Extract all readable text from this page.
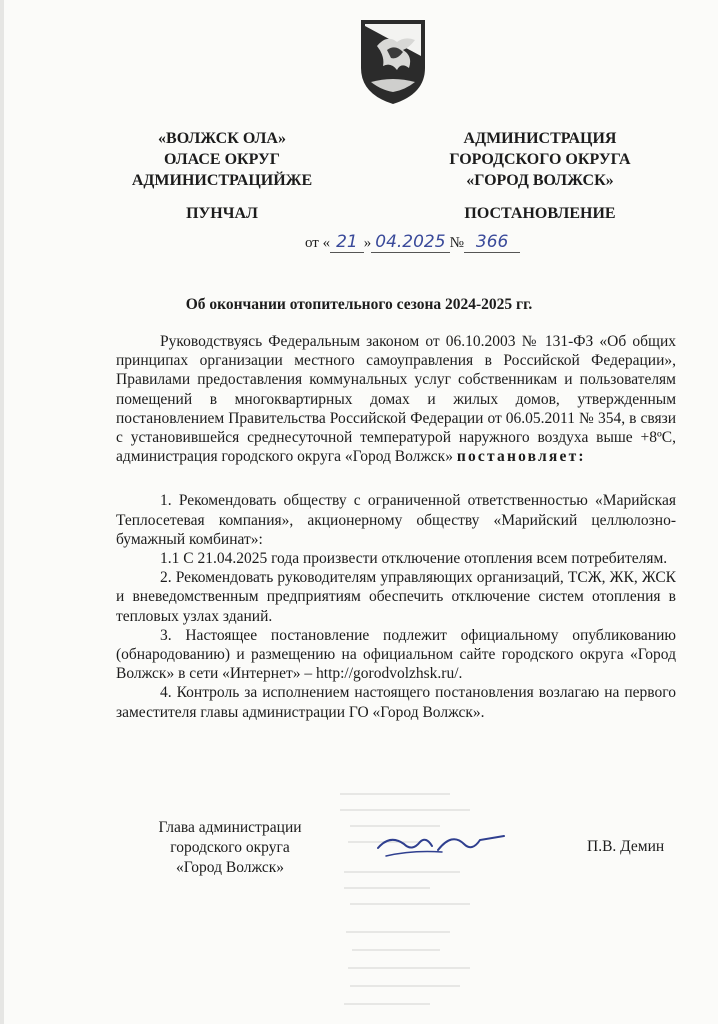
«ВОЛЖСК ОЛА»
ОЛАСЕ ОКРУГ
АДМИНИСТРАЦИЙЖЕ
АДМИНИСТРАЦИЯ
ГОРОДСКОГО ОКРУГА
«ГОРОД ВОЛЖСК»
ПУНЧАЛ	ПОСТАНОВЛЕНИЕ
от « 21 » 04.2025 № 366
Об окончании отопительного сезона 2024-2025 гг.

Руководствуясь Федеральным законом от 06.10.2003 № 131-ФЗ «Об общих принципах организации местного самоуправления в Российской Федерации», Правилами предоставления коммунальных услуг собственникам и пользователям помещений в многоквартирных домах и жилых домов, утвержденным постановлением Правительства Российской Федерации от 06.05.2011 № 354, в связи с установившейся среднесуточной температурой наружного воздуха выше +8ºС, администрация городского округа «Город Волжск» постановляет:

1. Рекомендовать обществу с ограниченной ответственностью «Марийская Теплосетевая компания», акционерному обществу «Марийский целлюлозно-бумажный комбинат»:

1.1 С 21.04.2025 года произвести отключение отопления всем потребителям.

2. Рекомендовать руководителям управляющих организаций, ТСЖ, ЖК, ЖСК и вневедомственным предприятиям обеспечить отключение систем отопления в тепловых узлах зданий.

3. Настоящее постановление подлежит официальному опубликованию (обнародованию) и размещению на официальном сайте городского округа «Город Волжск» в сети «Интернет» – http://gorodvolzhsk.ru/.

4. Контроль за исполнением настоящего постановления возлагаю на первого заместителя главы администрации ГО «Город Волжск».

Глава администрации
городского округа
«Город Волжск»
П.В. Демин
